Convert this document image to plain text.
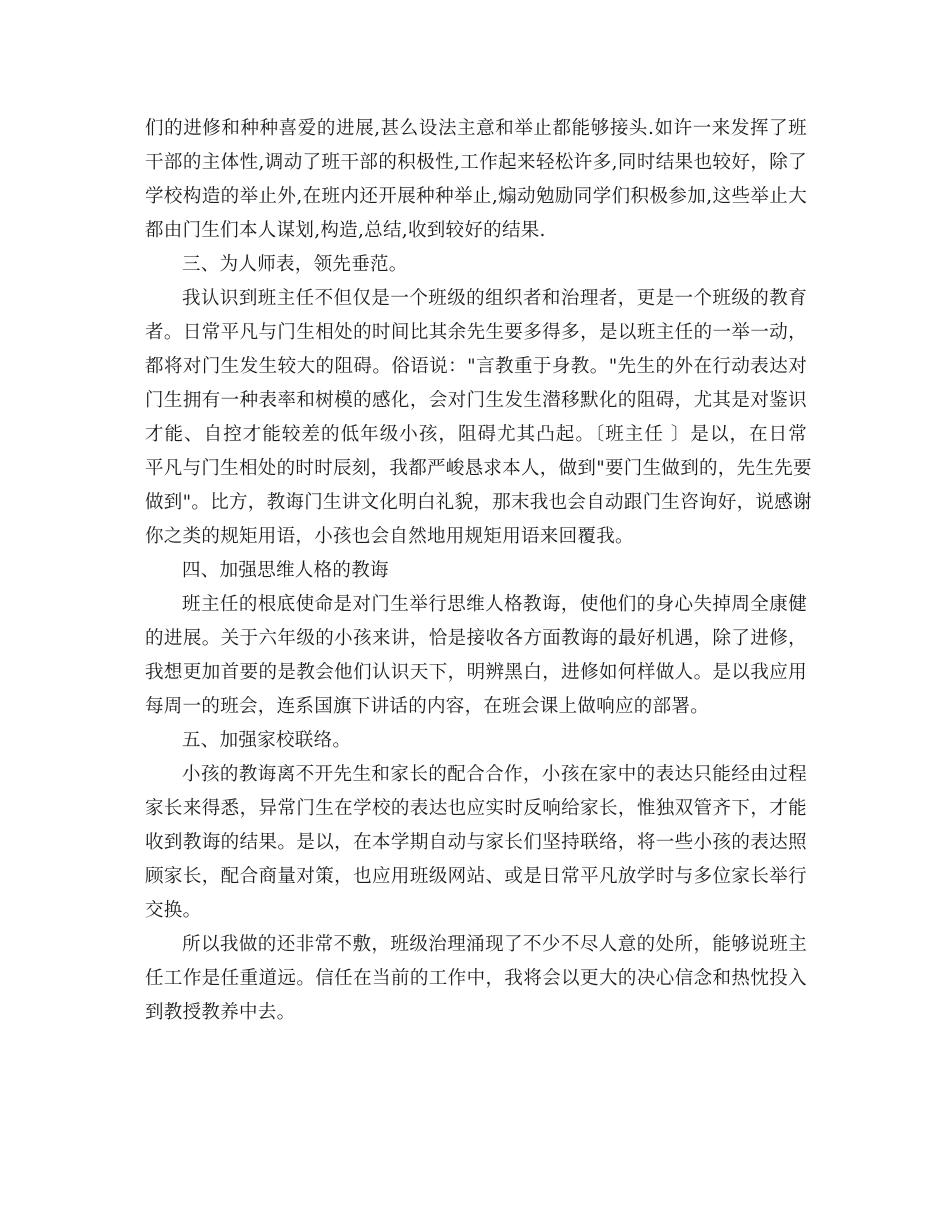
们的进修和种种喜爱的进展,甚么设法主意和举止都能够接头.如许一来发挥了班
干部的主体性,调动了班干部的积极性,工作起来轻松许多,同时结果也较好，除了
学校构造的举止外,在班内还开展种种举止,煽动勉励同学们积极参加,这些举止大
都由门生们本人谋划,构造,总结,收到较好的结果.
三、为人师表，领先垂范。
我认识到班主任不但仅是一个班级的组织者和治理者，更是一个班级的教育
者。日常平凡与门生相处的时间比其余先生要多得多，是以班主任的一举一动，
都将对门生发生较大的阻碍。俗语说："言教重于身教。"先生的外在行动表达对
门生拥有一种表率和树模的感化，会对门生发生潜移默化的阻碍，尤其是对鉴识
才能、自控才能较差的低年级小孩，阻碍尤其凸起。〔班主任 〕是以，在日常
平凡与门生相处的时时辰刻，我都严峻恳求本人，做到"要门生做到的，先生先要
做到"。比方，教诲门生讲文化明白礼貌，那末我也会自动跟门生咨询好，说感谢
你之类的规矩用语，小孩也会自然地用规矩用语来回覆我。
四、加强思维人格的教诲
班主任的根底使命是对门生举行思维人格教诲，使他们的身心失掉周全康健
的进展。关于六年级的小孩来讲，恰是接收各方面教诲的最好机遇，除了进修，
我想更加首要的是教会他们认识天下，明辨黑白，进修如何样做人。是以我应用
每周一的班会，连系国旗下讲话的内容，在班会课上做响应的部署。
五、加强家校联络。
小孩的教诲离不开先生和家长的配合合作，小孩在家中的表达只能经由过程
家长来得悉，异常门生在学校的表达也应实时反响给家长，惟独双管齐下，才能
收到教诲的结果。是以，在本学期自动与家长们坚持联络，将一些小孩的表达照
顾家长，配合商量对策，也应用班级网站、或是日常平凡放学时与多位家长举行
交换。
所以我做的还非常不敷，班级治理涌现了不少不尽人意的处所，能够说班主
任工作是任重道远。信任在当前的工作中，我将会以更大的决心信念和热忱投入
到教授教养中去。
